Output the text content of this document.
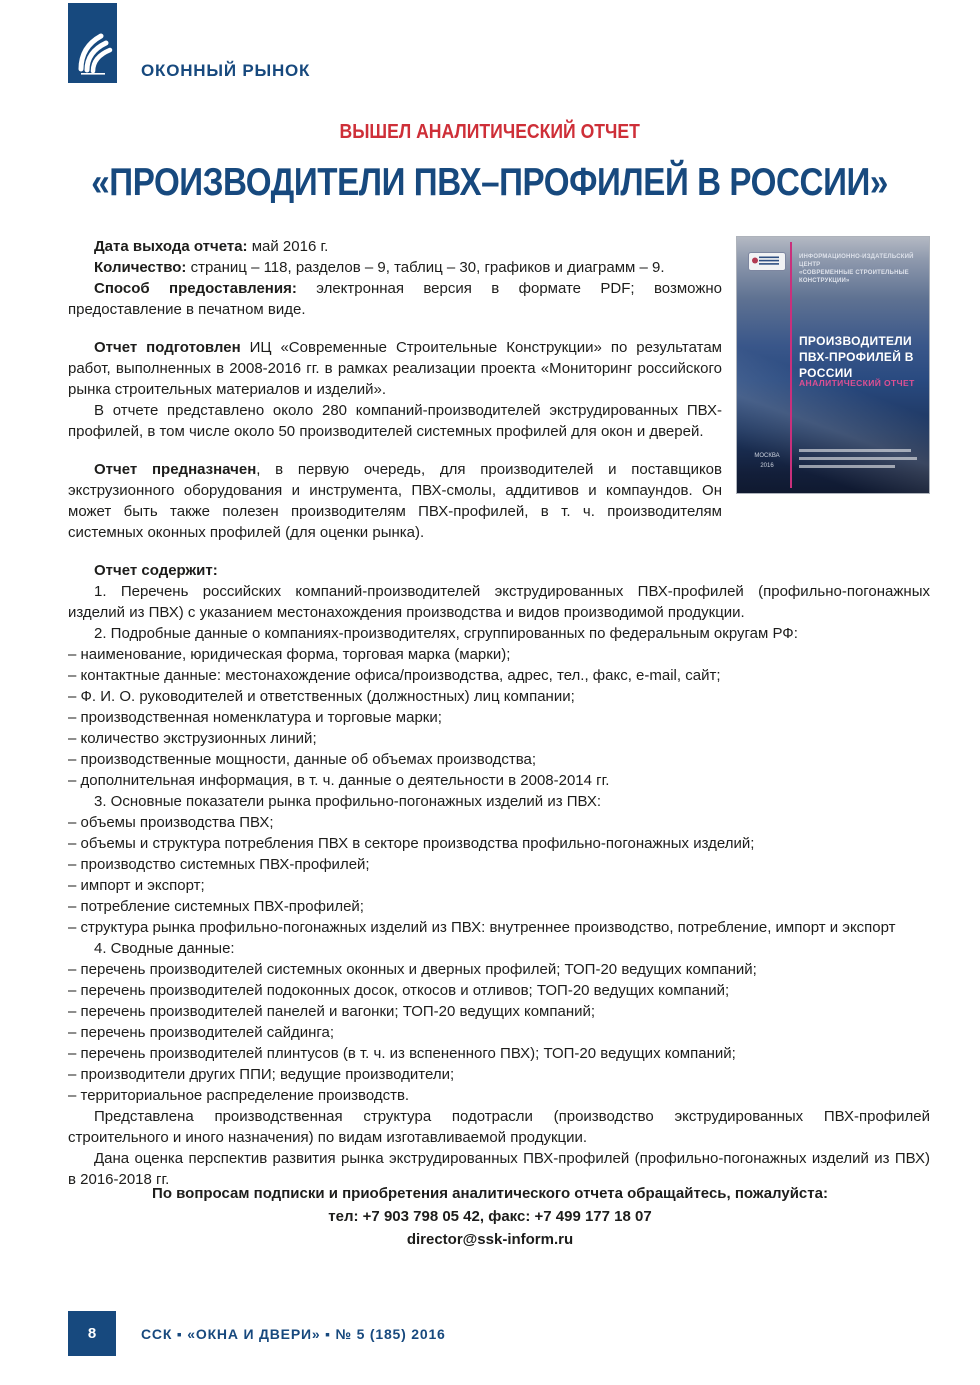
ОКОННЫЙ РЫНОК
ВЫШЕЛ АНАЛИТИЧЕСКИЙ ОТЧЕТ
«ПРОИЗВОДИТЕЛИ ПВХ–ПРОФИЛЕЙ В РОССИИ»
ИНФОРМАЦИОННО-ИЗДАТЕЛЬСКИЙ ЦЕНТР
«СОВРЕМЕННЫЕ СТРОИТЕЛЬНЫЕ КОНСТРУКЦИИ»
ПРОИЗВОДИТЕЛИ
ПВХ-ПРОФИЛЕЙ В РОССИИ
АНАЛИТИЧЕСКИЙ ОТЧЕТ
МОСКВА
2016

Дата выхода отчета: май 2016 г.

Количество: страниц – 118, разделов – 9, таблиц – 30, графиков и диаграмм – 9.

Способ предоставления: электронная версия в формате PDF; возможно предоставление в печатном виде.

Отчет подготовлен ИЦ «Современные Строительные Конструкции» по результатам работ, выполненных в 2008-2016 гг. в рамках реализации проекта «Мониторинг российского рынка строительных материалов и изделий».

В отчете представлено около 280 компаний-производителей экструдированных ПВХ-профилей, в том числе около 50 производителей системных профилей для окон и дверей.

Отчет предназначен, в первую очередь, для производителей и поставщиков экструзионного оборудования и инструмента, ПВХ-смолы, аддитивов и компаундов. Он может быть также полезен производителям ПВХ-профилей, в т. ч. производителям системных оконных профилей (для оценки рынка).

Отчет содержит:

1. Перечень российских компаний-производителей экструдированных ПВХ-профилей (профильно-погонажных изделий из ПВХ) с указанием местонахождения производства и видов производимой продукции.

2. Подробные данные о компаниях-производителях, сгруппированных по федеральным округам РФ:

– наименование, юридическая форма, торговая марка (марки);

– контактные данные: местонахождение офиса/производства, адрес, тел., факс, e-mail, сайт;

– Ф. И. О. руководителей и ответственных (должностных) лиц компании;

– производственная номенклатура и торговые марки;

– количество экструзионных линий;

– производственные мощности, данные об объемах производства;

– дополнительная информация, в т. ч. данные о деятельности в 2008-2014 гг.

3. Основные показатели рынка профильно-погонажных изделий из ПВХ:

– объемы производства ПВХ;

– объемы и структура потребления ПВХ в секторе производства профильно-погонажных изделий;

– производство системных ПВХ-профилей;

– импорт и экспорт;

– потребление системных ПВХ-профилей;

– структура рынка профильно-погонажных изделий из ПВХ: внутреннее производство, потребление, импорт и экспорт

4. Сводные данные:

– перечень производителей системных оконных и дверных профилей; ТОП-20 ведущих компаний;

– перечень производителей подоконных досок, откосов и отливов; ТОП-20 ведущих компаний;

– перечень производителей панелей и вагонки; ТОП-20 ведущих компаний;

– перечень производителей сайдинга;

– перечень производителей плинтусов (в т. ч. из вспененного ПВХ); ТОП-20 ведущих компаний;

– производители других ППИ; ведущие производители;

– территориальное распределение производств.

Представлена производственная структура подотрасли (производство экструдированных ПВХ-профилей строительного и иного назначения) по видам изготавливаемой продукции.

Дана оценка перспектив развития рынка экструдированных ПВХ-профилей (профильно-погонажных изделий из ПВХ) в 2016-2018 гг.

По вопросам подписки и приобретения аналитического отчета обращайтесь, пожалуйста:

тел: +7 903 798 05 42, факс: +7 499 177 18 07

director@ssk-inform.ru

8	ССК ▪ «ОКНА И ДВЕРИ» ▪ № 5 (185) 2016
